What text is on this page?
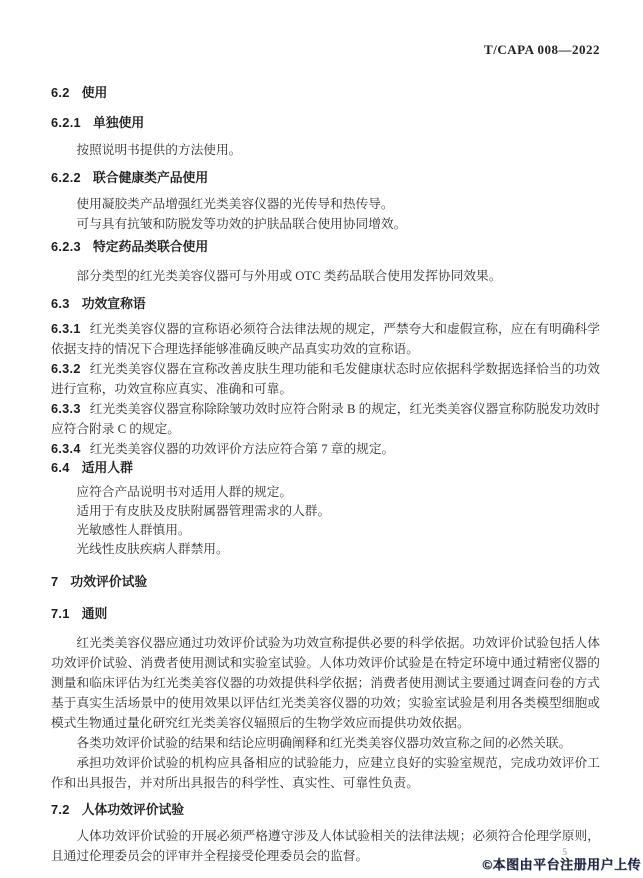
T/CAPA 008—2022
6.2 使用
6.2.1 单独使用

按照说明书提供的方法使用。

6.2.2 联合健康类产品使用

使用凝胶类产品增强红光类美容仪器的光传导和热传导。

可与具有抗皱和防脱发等功效的护肤品联合使用协同增效。

6.2.3 特定药品类联合使用

部分类型的红光类美容仪器可与外用或 OTC 类药品联合使用发挥协同效果。

6.3 功效宣称语

6.3.1 红光类美容仪器的宣称语必须符合法律法规的规定，严禁夸大和虚假宣称，应在有明确科学依据支持的情况下合理选择能够准确反映产品真实功效的宣称语。

6.3.2 红光类美容仪器在宣称改善皮肤生理功能和毛发健康状态时应依据科学数据选择恰当的功效进行宣称，功效宣称应真实、准确和可靠。

6.3.3 红光类美容仪器宣称除除皱功效时应符合附录 B 的规定，红光类美容仪器宣称防脱发功效时应符合附录 C 的规定。

6.3.4 红光类美容仪器的功效评价方法应符合第 7 章的规定。

6.4 适用人群

应符合产品说明书对适用人群的规定。

适用于有皮肤及皮肤附属器管理需求的人群。

光敏感性人群慎用。

光线性皮肤疾病人群禁用。

7 功效评价试验
7.1 通则

红光类美容仪器应通过功效评价试验为功效宣称提供必要的科学依据。功效评价试验包括人体功效评价试验、消费者使用测试和实验室试验。人体功效评价试验是在特定环境中通过精密仪器的测量和临床评估为红光类美容仪器的功效提供科学依据；消费者使用测试主要通过调查问卷的方式基于真实生活场景中的使用效果以评估红光类美容仪器的功效；实验室试验是利用各类模型细胞或模式生物通过量化研究红光类美容仪辐照后的生物学效应而提供功效依据。

各类功效评价试验的结果和结论应明确阐释和红光类美容仪器功效宣称之间的必然关联。

承担功效评价试验的机构应具备相应的试验能力，应建立良好的实验室规范，完成功效评价工作和出具报告，并对所出具报告的科学性、真实性、可靠性负责。

7.2 人体功效评价试验

人体功效评价试验的开展必须严格遵守涉及人体试验相关的法律法规；必须符合伦理学原则，且通过伦理委员会的评审并全程接受伦理委员会的监督。	5
©本图由平台注册用户上传
